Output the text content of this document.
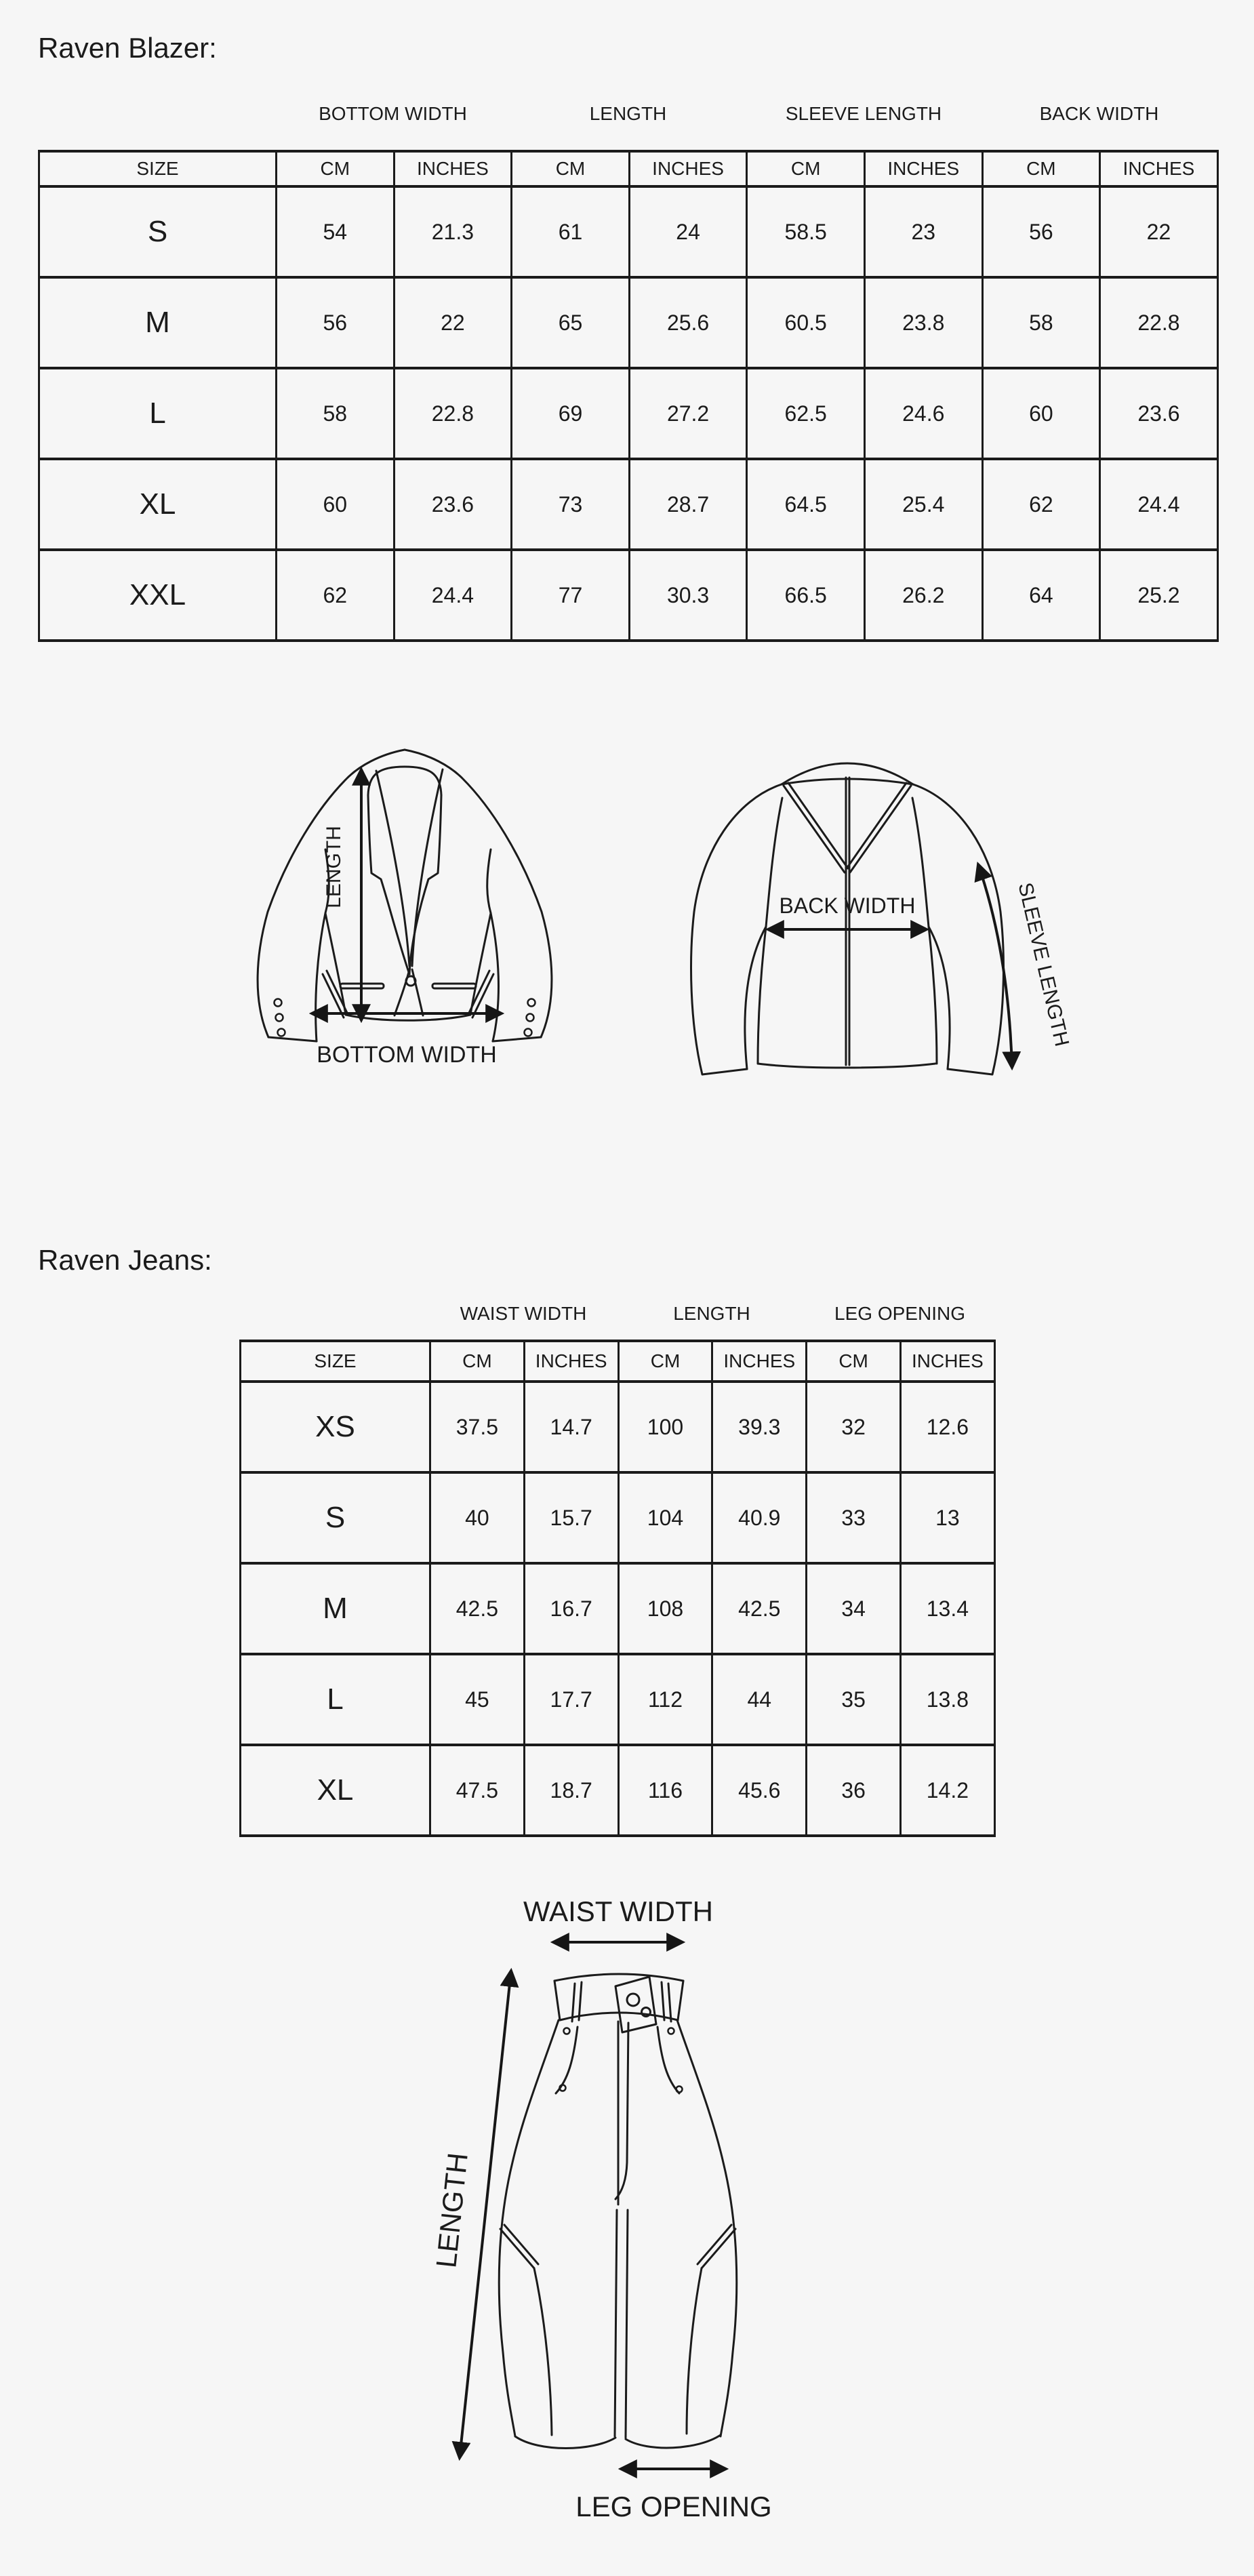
Raven Blazer:
BOTTOM WIDTH	LENGTH	SLEEVE LENGTH	BACK WIDTH
SIZE	CM	INCHES	CM	INCHES	CM	INCHES	CM	INCHES
S	54	21.3	61	24	58.5	23	56	22
M	56	22	65	25.6	60.5	23.8	58	22.8
L	58	22.8	69	27.2	62.5	24.6	60	23.6
XL	60	23.6	73	28.7	64.5	25.4	62	24.4
XXL	62	24.4	77	30.3	66.5	26.2	64	25.2
LENGTH
BOTTOM WIDTH
BACK WIDTH	SLEEVE LENGTH
Raven Jeans:
WAIST WIDTH	LENGTH	LEG OPENING
SIZE	CM	INCHES	CM	INCHES	CM	INCHES
XS	37.5	14.7	100	39.3	32	12.6
S	40	15.7	104	40.9	33	13
M	42.5	16.7	108	42.5	34	13.4
L	45	17.7	112	44	35	13.8
XL	47.5	18.7	116	45.6	36	14.2
WAIST WIDTH
LENGTH
LEG OPENING
